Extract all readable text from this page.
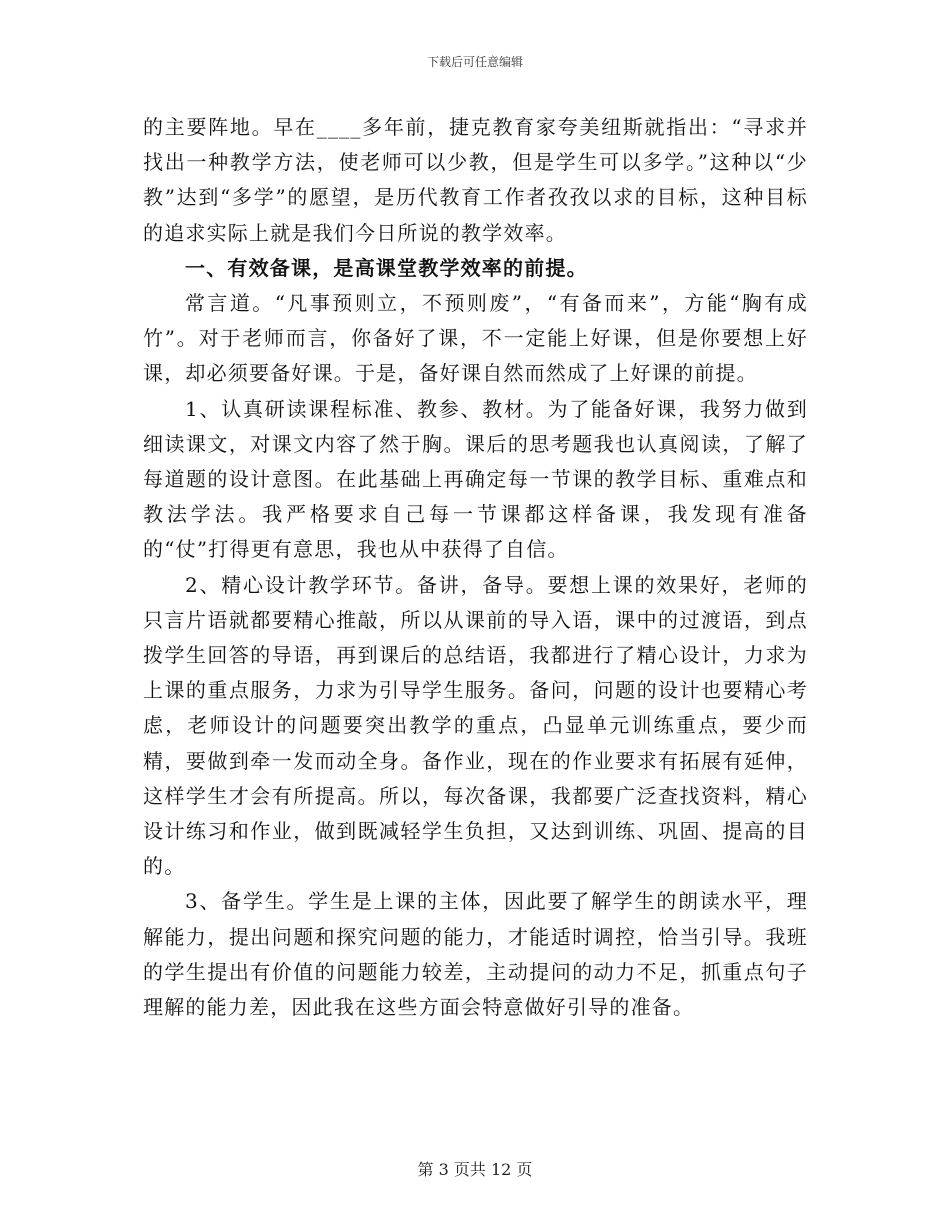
下载后可任意编辑

的主要阵地。早在____多年前，捷克教育家夸美纽斯就指出：“寻求并找出一种教学方法，使老师可以少教，但是学生可以多学。”这种以“少教”达到“多学”的愿望，是历代教育工作者孜孜以求的目标，这种目标的追求实际上就是我们今日所说的教学效率。

一、有效备课，是高课堂教学效率的前提。

常言道。“凡事预则立，不预则废”，“有备而来”，方能“胸有成竹”。对于老师而言，你备好了课，不一定能上好课，但是你要想上好课，却必须要备好课。于是，备好课自然而然成了上好课的前提。

1、认真研读课程标准、教参、教材。为了能备好课，我努力做到细读课文，对课文内容了然于胸。课后的思考题我也认真阅读，了解了每道题的设计意图。在此基础上再确定每一节课的教学目标、重难点和教法学法。我严格要求自己每一节课都这样备课，我发现有准备的“仗”打得更有意思，我也从中获得了自信。

2、精心设计教学环节。备讲，备导。要想上课的效果好，老师的只言片语就都要精心推敲，所以从课前的导入语，课中的过渡语，到点拨学生回答的导语，再到课后的总结语，我都进行了精心设计，力求为上课的重点服务，力求为引导学生服务。备问，问题的设计也要精心考虑，老师设计的问题要突出教学的重点，凸显单元训练重点，要少而精，要做到牵一发而动全身。备作业，现在的作业要求有拓展有延伸，这样学生才会有所提高。所以，每次备课，我都要广泛查找资料，精心设计练习和作业，做到既减轻学生负担，又达到训练、巩固、提高的目的。

3、备学生。学生是上课的主体，因此要了解学生的朗读水平，理解能力，提出问题和探究问题的能力，才能适时调控，恰当引导。我班的学生提出有价值的问题能力较差，主动提问的动力不足，抓重点句子理解的能力差，因此我在这些方面会特意做好引导的准备。

第 3 页共 12 页
